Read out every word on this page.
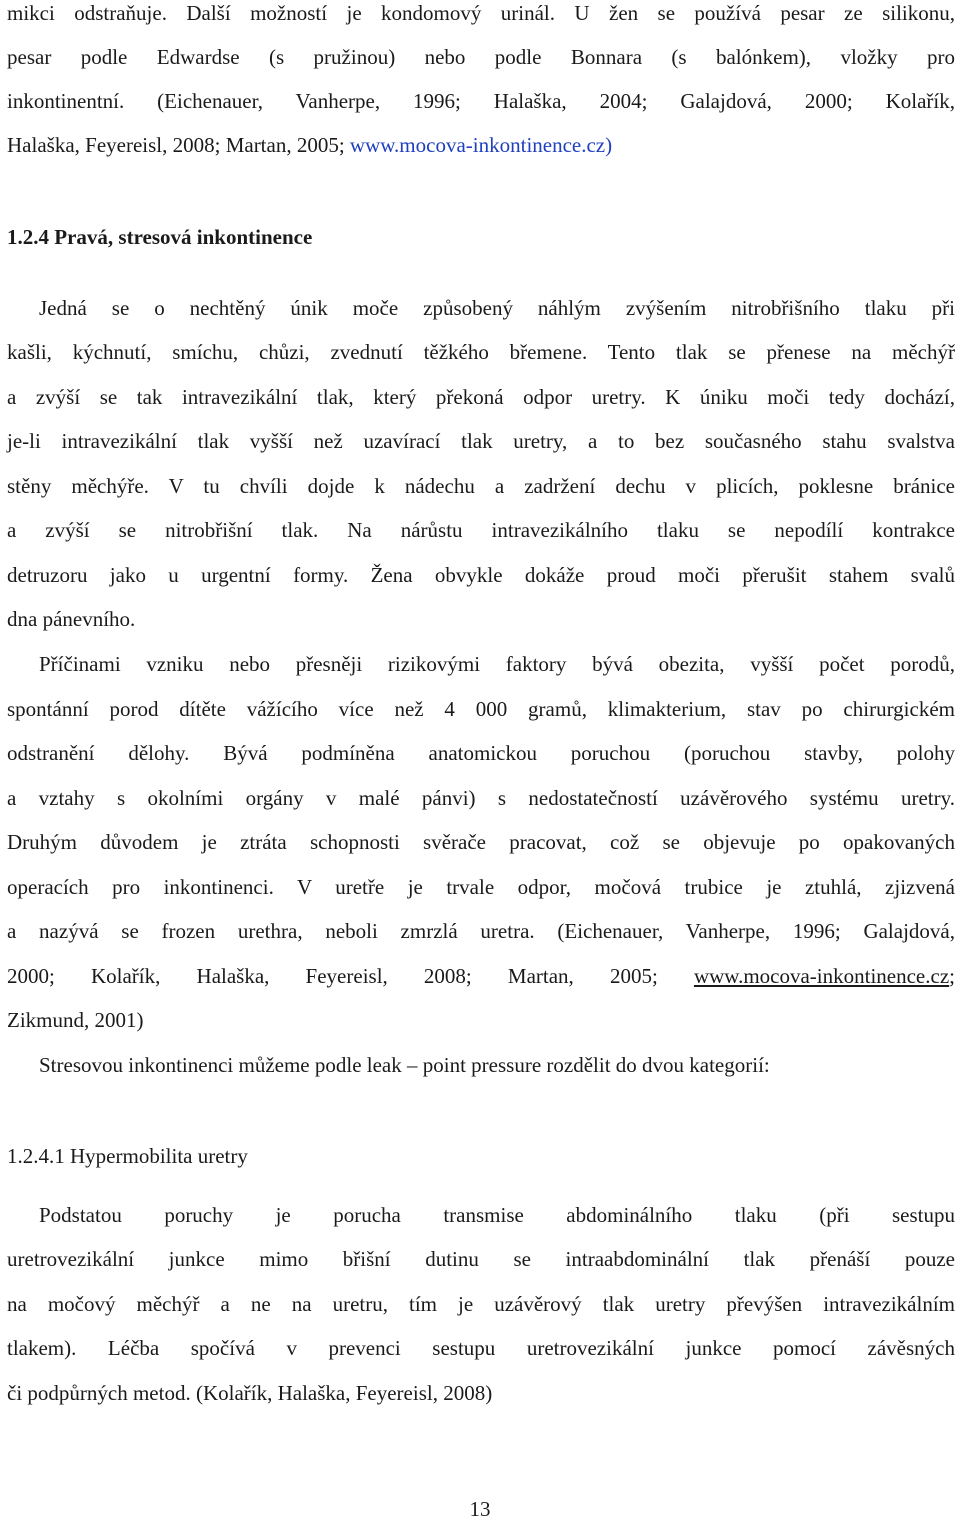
mikci odstraňuje. Další možností je kondomový urinál. U žen se používá pesar ze silikonu,
pesar podle Edwardse (s pružinou) nebo podle Bonnara (s balónkem), vložky pro
inkontinentní. (Eichenauer, Vanherpe, 1996; Halaška, 2004; Galajdová, 2000; Kolařík,
Halaška, Feyereisl, 2008; Martan, 2005; www.mocova-inkontinence.cz)
1.2.4 Pravá, stresová inkontinence
Jedná se o nechtěný únik moče způsobený náhlým zvýšením nitrobřišního tlaku při
kašli, kýchnutí, smíchu, chůzi, zvednutí těžkého břemene. Tento tlak se přenese na měchýř
a zvýší se tak intravezikální tlak, který překoná odpor uretry. K úniku moči tedy dochází,
je-li intravezikální tlak vyšší než uzavírací tlak uretry, a to bez současného stahu svalstva
stěny měchýře. V tu chvíli dojde k nádechu a zadržení dechu v plicích, poklesne bránice
a zvýší se nitrobřišní tlak. Na nárůstu intravezikálního tlaku se nepodílí kontrakce
detruzoru jako u urgentní formy. Žena obvykle dokáže proud moči přerušit stahem svalů
dna pánevního.
Příčinami vzniku nebo přesněji rizikovými faktory bývá obezita, vyšší počet porodů,
spontánní porod dítěte vážícího více než 4 000 gramů, klimakterium, stav po chirurgickém
odstranění dělohy. Bývá podmíněna anatomickou poruchou (poruchou stavby, polohy
a vztahy s okolními orgány v malé pánvi) s nedostatečností uzávěrového systému uretry.
Druhým důvodem je ztráta schopnosti svěrače pracovat, což se objevuje po opakovaných
operacích pro inkontinenci. V uretře je trvale odpor, močová trubice je ztuhlá, zjizvená
a nazývá se frozen urethra, neboli zmrzlá uretra. (Eichenauer, Vanherpe, 1996; Galajdová,
2000; Kolařík, Halaška, Feyereisl, 2008; Martan, 2005; www.mocova-inkontinence.cz;
Zikmund, 2001)
Stresovou inkontinenci můžeme podle leak – point pressure rozdělit do dvou kategorií:
1.2.4.1 Hypermobilita uretry
Podstatou poruchy je porucha transmise abdominálního tlaku (při sestupu
uretrovezikální junkce mimo břišní dutinu se intraabdominální tlak přenáší pouze
na močový měchýř a ne na uretru, tím je uzávěrový tlak uretry převýšen intravezikálním
tlakem). Léčba spočívá v prevenci sestupu uretrovezikální junkce pomocí závěsných
či podpůrných metod. (Kolařík, Halaška, Feyereisl, 2008)
13
